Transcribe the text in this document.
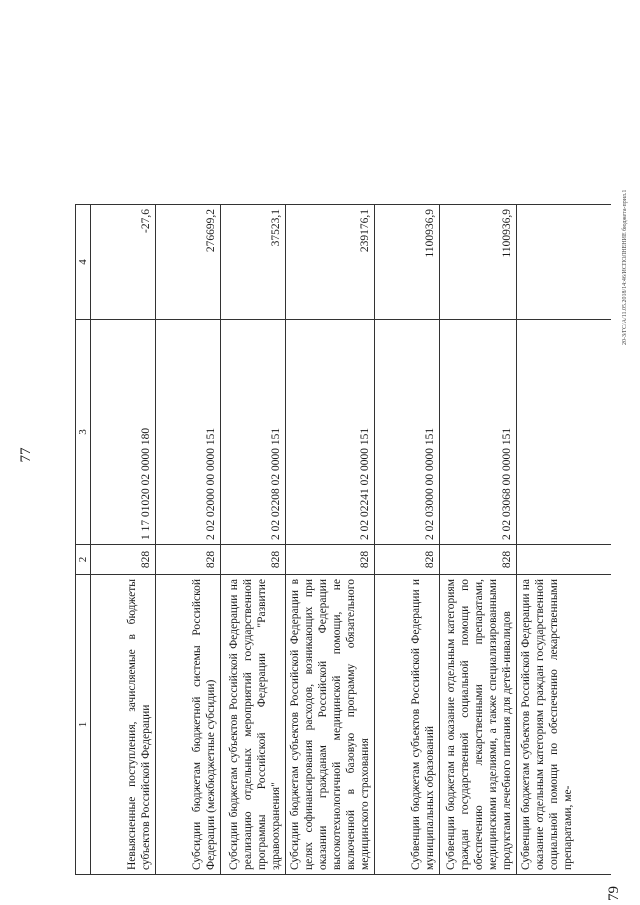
77
1	2	3	4
Невыясненные поступления, зачисляемые в бюджеты субъектов Российской Федерации	828	1 17 01020 02 0000 180	-27,6
Субсидии бюджетам бюджетной системы Российской Федерации (межбюджетные субсидии)	828	2 02 02000 00 0000 151	276699,2
Субсидии бюджетам субъектов Российской Федерации на реализацию отдельных мероприятий государственной программы Российской Федерации "Развитие здравоохранения"	828	2 02 02208 02 0000 151	37523,1
Субсидии бюджетам субъектов Российской Федерации в целях софинансирования расходов, возникающих при оказании гражданам Российской Федерации высокотехнологичной медицинской помощи, не включенной в базовую программу обязательного медицинского страхования	828	2 02 02241 02 0000 151	239176,1
Субвенции бюджетам субъектов Российской Федерации и муниципальных образований	828	2 02 03000 00 0000 151	1100936,9
Субвенции бюджетам на оказание отдельным категориям граждан государственной социальной помощи по обеспечению лекарственными препаратами, медицинскими изделиями, а также специализированными продуктами лечебного питания для детей-инвалидов	828	2 02 03068 00 0000 151	1100936,9
Субвенции бюджетам субъектов Российской Федерации на оказание отдельным категориям граждан государственной социальной помощи по обеспечению лекарственными препаратами, ме-			
20-З/ГС/А/11.05.2018/14:46/ИСПОЛНЕНИЕ бюджета-прил.1
79
